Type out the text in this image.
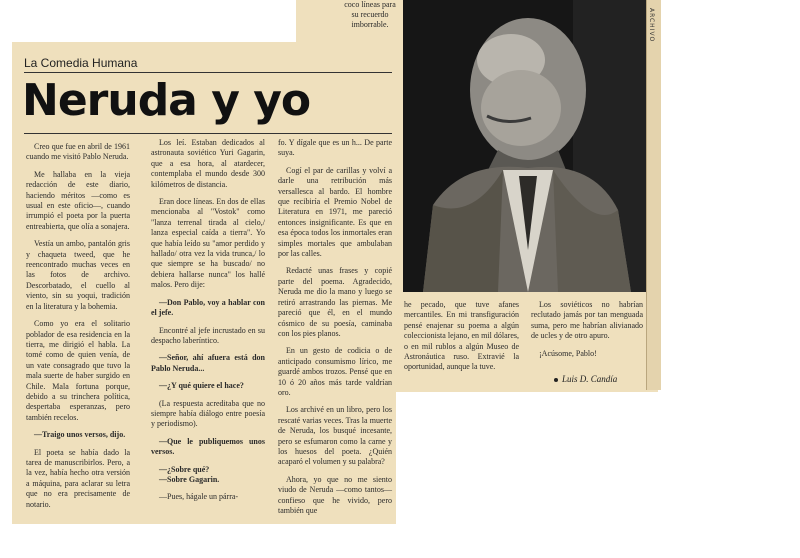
ARCHIVO
coco líneas para su recuerdo imborrable.
La Comedia Humana
Neruda y yo

Creo que fue en abril de 1961 cuando me visitó Pablo Neruda.

Me hallaba en la vieja redacción de este diario, haciendo méritos —como es usual en este oficio—, cuando irrumpió el poeta por la puerta entreabierta, que olía a sonajera.

Vestía un ambo, pantalón gris y chaqueta tweed, que he reencontrado muchas veces en las fotos de archivo. Descorbatado, el cuello al viento, sin su yoqui, tradición en la literatura y la bohemia.

Como yo era el solitario poblador de esa residencia en la tierra, me dirigió el habla. La tomé como de quien venía, de un vate consagrado que tuvo la mala suerte de haber surgido en Chile. Mala fortuna porque, debido a su trinchera política, despertaba esperanzas, pero también recelos.

—Traigo unos versos, dijo.

El poeta se había dado la tarea de manuscribirlos. Pero, a la vez, había hecho otra versión a máquina, para aclarar su letra que no era precisamente de notario.

Los leí. Estaban dedicados al astronauta soviético Yuri Gagarin, que a esa hora, al atardecer, contemplaba el mundo desde 300 kilómetros de distancia.

Eran doce líneas. En dos de ellas mencionaba al "Vostok" como "lanza terrenal tirada al cielo,/ lanza especial caída a tierra". Yo que había leído su "amor perdido y hallado/ otra vez la vida trunca,/ lo que siempre se ha buscado/ no debiera hallarse nunca" los hallé malos. Pero dije:

—Don Pablo, voy a hablar con el jefe.

Encontré al jefe incrustado en su despacho laberíntico.

—Señor, ahí afuera está don Pablo Neruda...

—¿Y qué quiere el hace?

(La respuesta acreditaba que no siempre había diálogo entre poesía y periodismo).

—Que le publiquemos unos versos.

—¿Sobre qué?

—Sobre Gagarin.

—Pues, hágale un párra-

fo. Y dígale que es un h... De parte suya.

Cogí el par de carillas y volví a darle una retribución más versallesca al bardo. El hombre que recibiría el Premio Nobel de Literatura en 1971, me pareció entonces insignificante. Es que en esa época todos los inmortales eran simples mortales que ambulaban por las calles.

Redacté unas frases y copié parte del poema. Agradecido, Neruda me dio la mano y luego se retiró arrastrando las piernas. Me pareció que él, en el mundo cósmico de su poesía, caminaba con los pies planos.

En un gesto de codicia o de anticipado consumismo lírico, me guardé ambos trozos. Pensé que en 10 ó 20 años más tarde valdrían oro.

Los archivé en un libro, pero los rescaté varias veces. Tras la muerte de Neruda, los busqué incesante, pero se esfumaron como la carne y los huesos del poeta. ¿Quién acaparó el volumen y su palabra?

Ahora, yo que no me siento viudo de Neruda —como tantos— confieso que he vivido, pero también que

he pecado, que tuve afanes mercantiles. En mi transfiguración pensé enajenar su poema a algún coleccionista lejano, en mil dólares, o en mil rublos a algún Museo de Astronáutica ruso. Extravié la oportunidad, aunque la tuve.

Los soviéticos no habrían reclutado jamás por tan menguada suma, pero me habrían alivianado de ucles y de otro apuro.

¡Acúsome, Pablo!

Luis D. Candía
